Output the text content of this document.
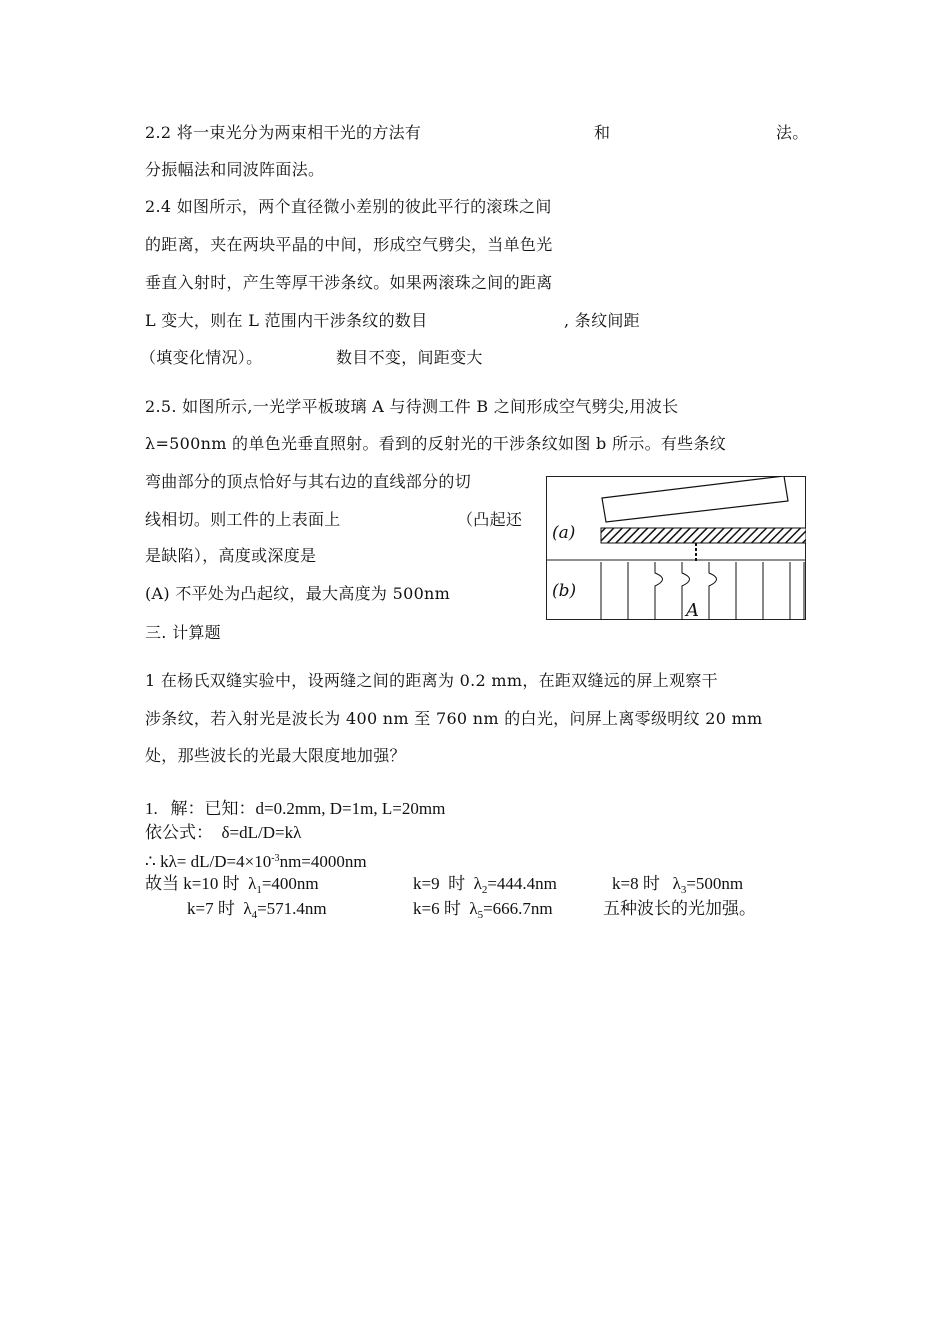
2.2 将一束光分为两束相干光的方法有	和	法。
分振幅法和同波阵面法。
2.4 如图所示，两个直径微小差别的彼此平行的滚珠之间
的距离，夹在两块平晶的中间，形成空气劈尖，当单色光
垂直入射时，产生等厚干涉条纹。如果两滚珠之间的距离
L 变大，则在 L 范围内干涉条纹的数目	, 条纹间距
（填变化情况）。	数目不变，间距变大
2.5. 如图所示,一光学平板玻璃 A 与待测工件 B 之间形成空气劈尖,用波长
λ=500nm 的单色光垂直照射。看到的反射光的干涉条纹如图 b 所示。有些条纹
弯曲部分的顶点恰好与其右边的直线部分的切
线相切。则工件的上表面上	（凸起还
是缺陷），高度或深度是
(A) 不平处为凸起纹，最大高度为 500nm
(a)
(b)
A
三. 计算题
1 在杨氏双缝实验中，设两缝之间的距离为 0.2 mm，在距双缝远的屏上观察干
涉条纹，若入射光是波长为 400 nm 至 760 nm 的白光，问屏上离零级明纹 20 mm
处，那些波长的光最大限度地加强？
1.   解：已知：d=0.2mm, D=1m, L=20mm
依公式：  δ=dL/D=kλ
∴ $k\lambda= dL/D=4\times 10^{-3}nm=4000nm$
故当 k=10 时  $\lambda_1=400nm$	k=9  时  $\lambda_2=444.4nm$	k=8 时   $\lambda_3=500nm$
k=7 时  $\lambda_4=571.4nm$	k=6 时  $\lambda_5=666.7nm$	五种波长的光加强。
